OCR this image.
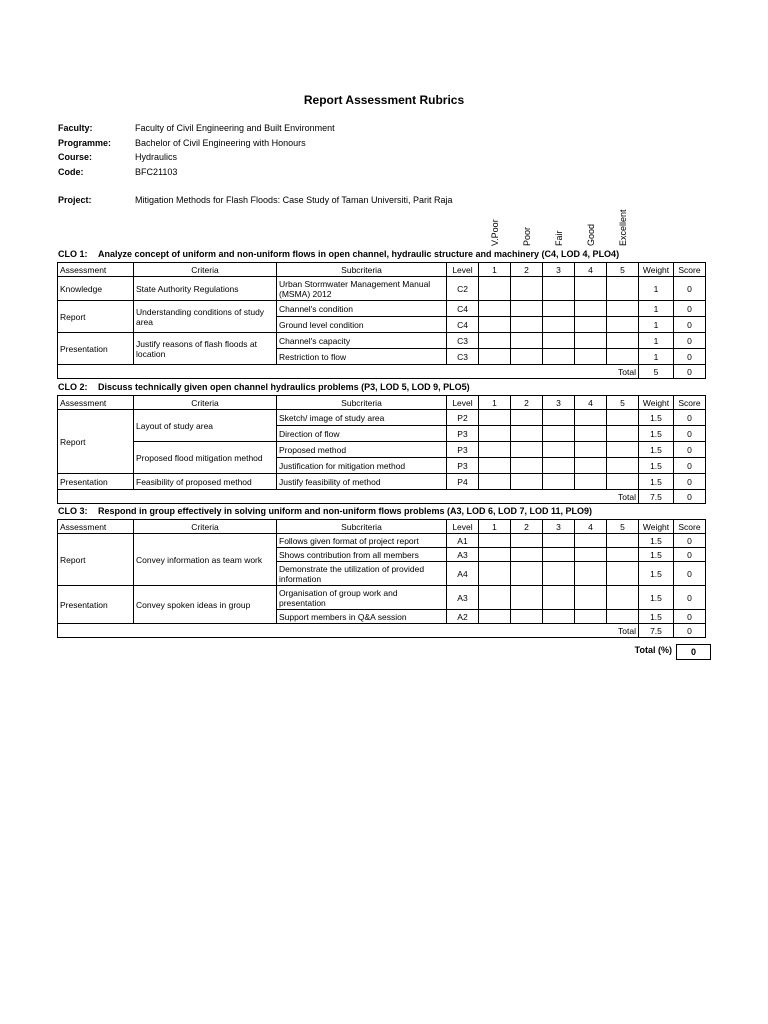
Report Assessment Rubrics
Faculty:	Faculty of Civil Engineering and Built Environment
Programme:	Bachelor of Civil Engineering with Honours
Course:	Hydraulics
Code:	BFC21103
Project:	Mitigation Methods for Flash Floods: Case Study of Taman Universiti, Parit Raja
V.Poor Poor Fair Good Excellent
CLO 1: Analyze concept of uniform and non-uniform flows in open channel, hydraulic structure and machinery (C4, LOD 4, PLO4)
Assessment	Criteria	Subcriteria	Level	1	2	3	4	5	Weight	Score
Knowledge	State Authority Regulations	Urban Stormwater Management Manual (MSMA) 2012	C2						1	0
Report	Understanding conditions of study area	Channel's condition	C4						1	0
		Ground level condition	C4						1	0
Presentation	Justify reasons of flash floods at location	Channel's capacity	C3						1	0
		Restriction to flow	C3						1	0
Total									5	0
CLO 2: Discuss technically given open channel hydraulics problems (P3, LOD 5, LOD 9, PLO5)
Assessment	Criteria	Subcriteria	Level	1	2	3	4	5	Weight	Score
Report	Layout of study area	Sketch/ image of study area	P2						1.5	0
		Direction of flow	P3						1.5	0
	Proposed flood mitigation method	Proposed method	P3						1.5	0
		Justification for mitigation method	P3						1.5	0
Presentation	Feasibility of proposed method	Justify feasibility of method	P4						1.5	0
Total									7.5	0
CLO 3: Respond in group effectively in solving uniform and non-uniform flows problems (A3, LOD 6, LOD 7, LOD 11, PLO9)
Assessment	Criteria	Subcriteria	Level	1	2	3	4	5	Weight	Score
Report	Convey information as team work	Follows given format of project report	A1						1.5	0
		Shows contribution from all members	A3						1.5	0
		Demonstrate the utilization of provided information	A4						1.5	0
Presentation	Convey spoken ideas in group	Organisation of group work and presentation	A3						1.5	0
		Support members in Q&A session	A2						1.5	0
Total									7.5	0
Total (%)	0
